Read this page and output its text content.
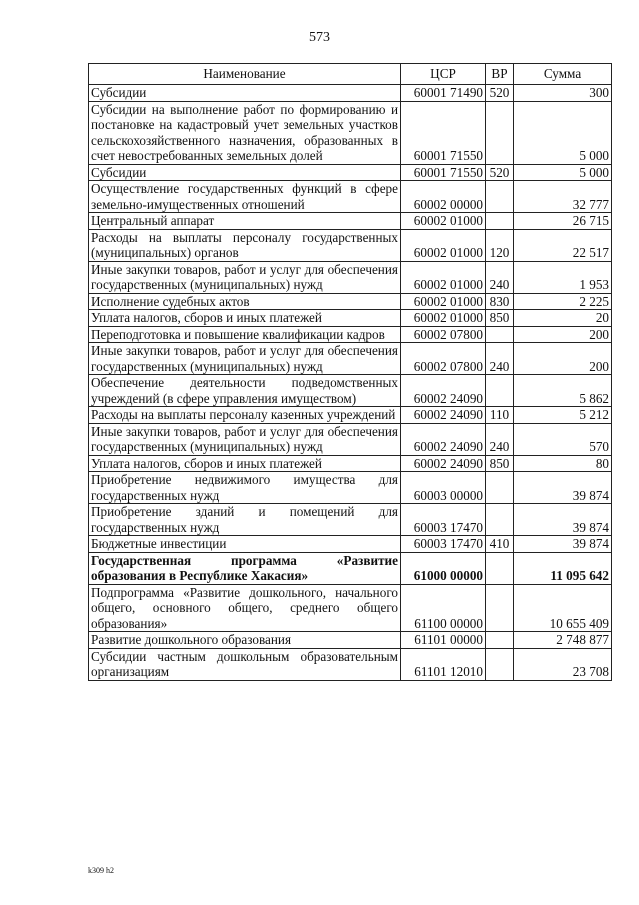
573
Наименование	ЦСР	ВР	Сумма
Субсидии	60001 71490	520	300
Субсидии на выполнение работ по формированию и постановке на кадастровый учет земельных участков сельскохозяйственного назначения, образованных в счет невостребованных земельных долей	60001 71550		5 000
Субсидии	60001 71550	520	5 000
Осуществление государственных функций в сфере земельно-имущественных отношений	60002 00000		32 777
Центральный аппарат	60002 01000		26 715
Расходы на выплаты персоналу государственных (муниципальных) органов	60002 01000	120	22 517
Иные закупки товаров, работ и услуг для обеспечения государственных (муниципальных) нужд	60002 01000	240	1 953
Исполнение судебных актов	60002 01000	830	2 225
Уплата налогов, сборов и иных платежей	60002 01000	850	20
Переподготовка и повышение квалификации кадров	60002 07800		200
Иные закупки товаров, работ и услуг для обеспечения государственных (муниципальных) нужд	60002 07800	240	200
Обеспечение деятельности подведомственных учреждений (в сфере управления имуществом)	60002 24090		5 862
Расходы на выплаты персоналу казенных учреждений	60002 24090	110	5 212
Иные закупки товаров, работ и услуг для обеспечения государственных (муниципальных) нужд	60002 24090	240	570
Уплата налогов, сборов и иных платежей	60002 24090	850	80
Приобретение недвижимого имущества для государственных нужд	60003 00000		39 874
Приобретение зданий и помещений для государственных нужд	60003 17470		39 874
Бюджетные инвестиции	60003 17470	410	39 874
Государственная программа «Развитие образования в Республике Хакасия»	61000 00000		11 095 642
Подпрограмма «Развитие дошкольного, начального общего, основного общего, среднего общего образования»	61100 00000		10 655 409
Развитие дошкольного образования	61101 00000		2 748 877
Субсидии частным дошкольным образовательным организациям	61101 12010		23 708
k309 h2
